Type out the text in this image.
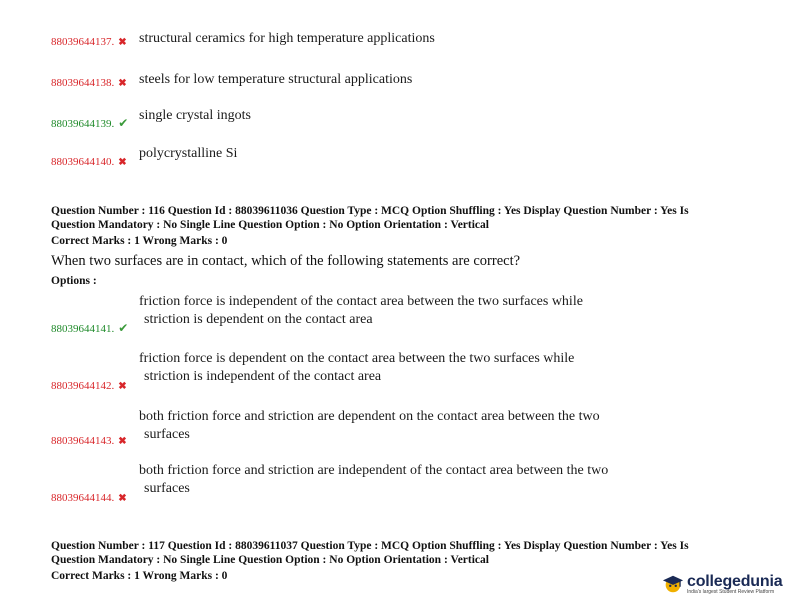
88039644137. ✖ structural ceramics for high temperature applications
88039644138. ✖ steels for low temperature structural applications
88039644139. ✔ single crystal ingots
88039644140. ✖
polycrystalline Si
Question Number : 116 Question Id : 88039611036 Question Type : MCQ Option Shuffling : Yes Display Question Number : Yes Is
Question Mandatory : No Single Line Question Option : No Option Orientation : Vertical
Correct Marks : 1 Wrong Marks : 0
When two surfaces are in contact, which of the following statements are correct?
Options :
friction force is independent of the contact area between the two surfaces while
88039644141. ✔
striction is dependent on the contact area
friction force is dependent on the contact area between the two surfaces while
88039644142. ✖
striction is independent of the contact area
both friction force and striction are dependent on the contact area between the two
88039644143. ✖ surfaces
both friction force and striction are independent of the contact area between the two
88039644144. ✖
surfaces
Question Number : 117 Question Id : 88039611037 Question Type : MCQ Option Shuffling : Yes Display Question Number : Yes Is
Question Mandatory : No Single Line Question Option : No Option Orientation : Vertical
Correct Marks : 1 Wrong Marks : 0	collegedunia
India's largest Student Review Platform
